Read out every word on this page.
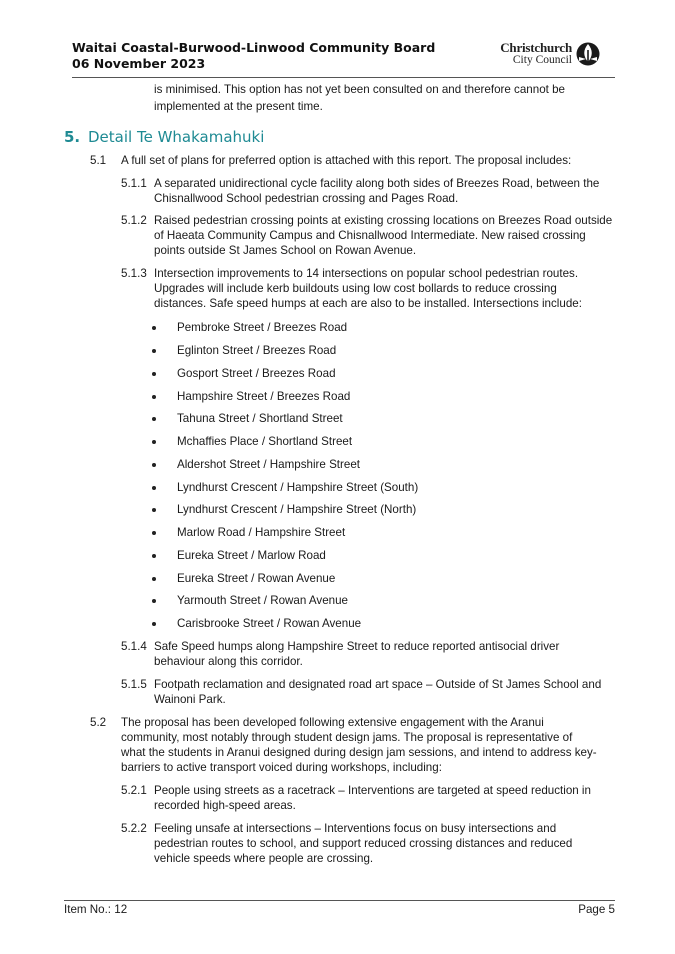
Waitai Coastal-Burwood-Linwood Community Board
06 November 2023
Christchurch
City Council
is minimised. This option has not yet been consulted on and therefore cannot be
implemented at the present time.
5. Detail Te Whakamahuki
5.1 A full set of plans for preferred option is attached with this report. The proposal includes:
5.1.1 A separated unidirectional cycle facility along both sides of Breezes Road, between the
Chisnallwood School pedestrian crossing and Pages Road.
5.1.2 Raised pedestrian crossing points at existing crossing locations on Breezes Road outside
of Haeata Community Campus and Chisnallwood Intermediate. New raised crossing
points outside St James School on Rowan Avenue.
5.1.3 Intersection improvements to 14 intersections on popular school pedestrian routes.
Upgrades will include kerb buildouts using low cost bollards to reduce crossing
distances. Safe speed humps at each are also to be installed. Intersections include:
Pembroke Street / Breezes Road
Eglinton Street / Breezes Road
Gosport Street / Breezes Road
Hampshire Street / Breezes Road
Tahuna Street / Shortland Street
Mchaffies Place / Shortland Street
Aldershot Street / Hampshire Street
Lyndhurst Crescent / Hampshire Street (South)
Lyndhurst Crescent / Hampshire Street (North)
Marlow Road / Hampshire Street
Eureka Street / Marlow Road
Eureka Street / Rowan Avenue
Yarmouth Street / Rowan Avenue
Carisbrooke Street / Rowan Avenue
5.1.4 Safe Speed humps along Hampshire Street to reduce reported antisocial driver
behaviour along this corridor.
5.1.5 Footpath reclamation and designated road art space – Outside of St James School and
Wainoni Park.
5.2 The proposal has been developed following extensive engagement with the Aranui
community, most notably through student design jams. The proposal is representative of
what the students in Aranui designed during design jam sessions, and intend to address key-
barriers to active transport voiced during workshops, including:
5.2.1 People using streets as a racetrack – Interventions are targeted at speed reduction in
recorded high-speed areas.
5.2.2 Feeling unsafe at intersections – Interventions focus on busy intersections and
pedestrian routes to school, and support reduced crossing distances and reduced
vehicle speeds where people are crossing.
Item No.: 12	Page 5
